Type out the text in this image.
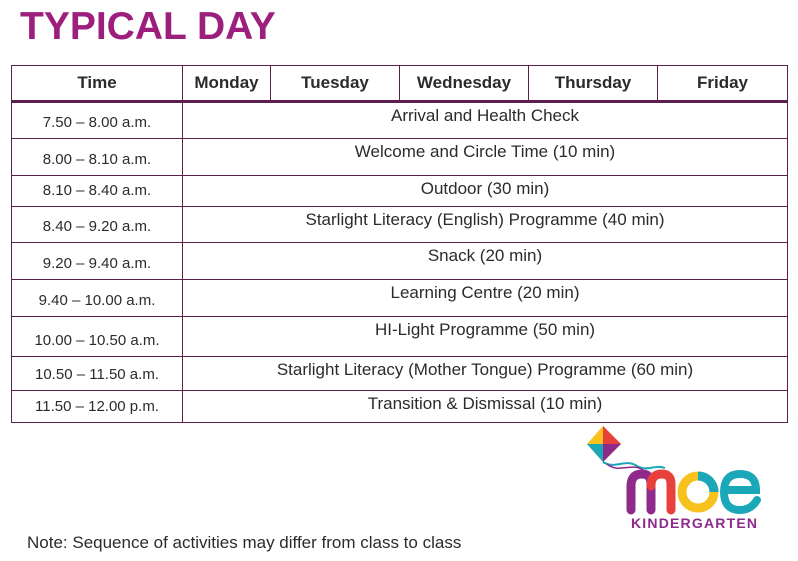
TYPICAL DAY
Time	Monday	Tuesday	Wednesday	Thursday	Friday
7.50 – 8.00 a.m.	Arrival and Health Check				
8.00 – 8.10 a.m.	Welcome and Circle Time (10 min)				
8.10 – 8.40 a.m.	Outdoor (30 min)				
8.40 – 9.20 a.m.	Starlight Literacy (English) Programme (40 min)				
9.20 – 9.40 a.m.	Snack (20 min)				
9.40 – 10.00 a.m.	Learning Centre (20 min)				
10.00 – 10.50 a.m.	HI-Light Programme (50 min)				
10.50 – 11.50 a.m.	Starlight Literacy (Mother Tongue) Programme (60 min)				
11.50 – 12.00 p.m.	Transition & Dismissal (10 min)				
KINDERGARTEN
Note: Sequence of activities may differ from class to class
